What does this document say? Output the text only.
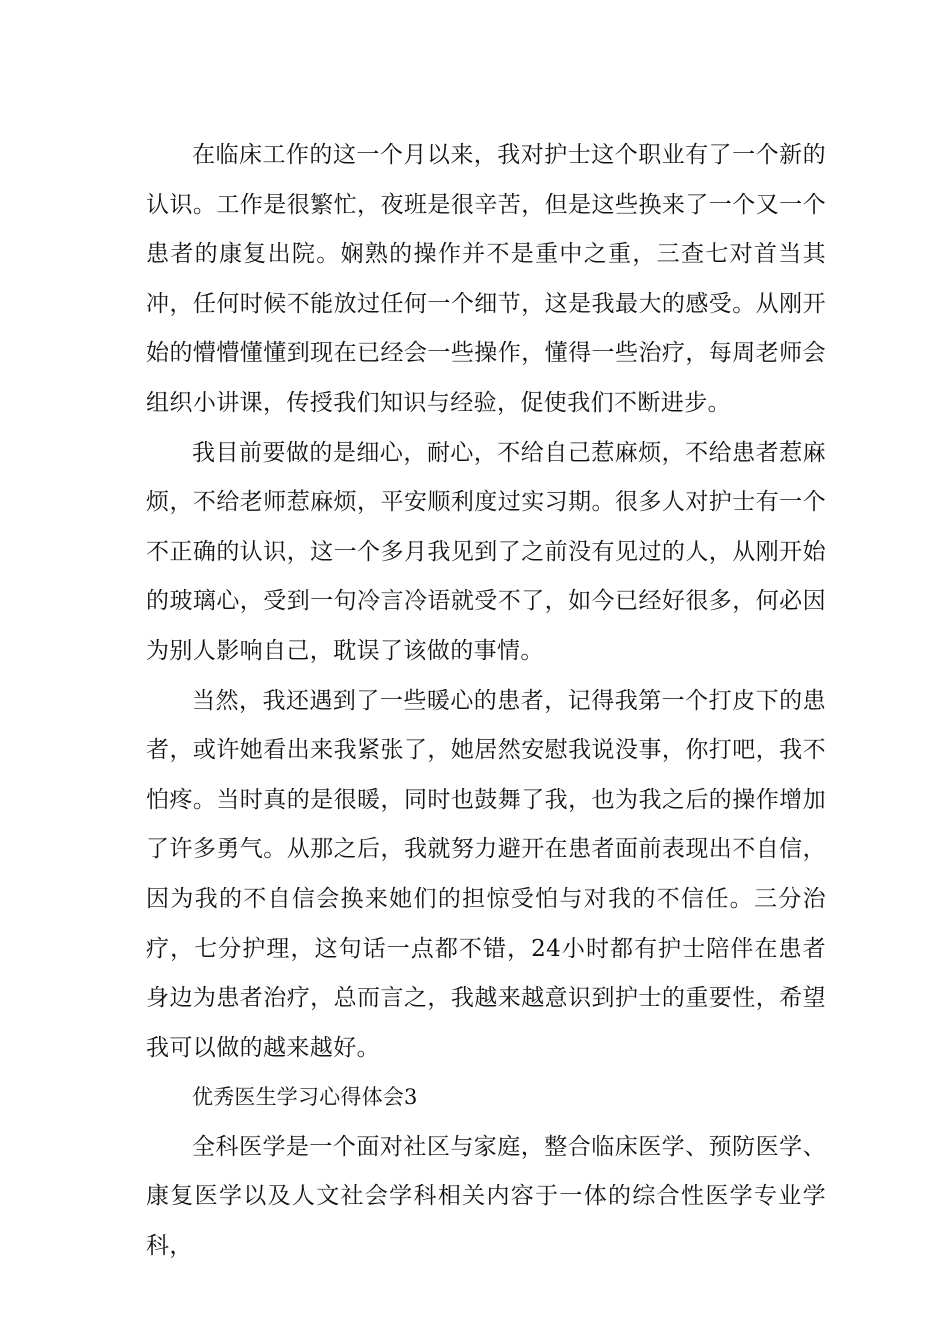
在临床工作的这一个月以来，我对护士这个职业有了一个新的认识。工作是很繁忙，夜班是很辛苦，但是这些换来了一个又一个患者的康复出院。娴熟的操作并不是重中之重，三查七对首当其冲，任何时候不能放过任何一个细节，这是我最大的感受。从刚开始的懵懵懂懂到现在已经会一些操作，懂得一些治疗，每周老师会组织小讲课，传授我们知识与经验，促使我们不断进步。

我目前要做的是细心，耐心，不给自己惹麻烦，不给患者惹麻烦，不给老师惹麻烦，平安顺利度过实习期。很多人对护士有一个不正确的认识，这一个多月我见到了之前没有见过的人，从刚开始的玻璃心，受到一句冷言冷语就受不了，如今已经好很多，何必因为别人影响自己，耽误了该做的事情。

当然，我还遇到了一些暖心的患者，记得我第一个打皮下的患者，或许她看出来我紧张了，她居然安慰我说没事，你打吧，我不怕疼。当时真的是很暖，同时也鼓舞了我，也为我之后的操作增加了许多勇气。从那之后，我就努力避开在患者面前表现出不自信，因为我的不自信会换来她们的担惊受怕与对我的不信任。三分治疗，七分护理，这句话一点都不错，24小时都有护士陪伴在患者身边为患者治疗，总而言之，我越来越意识到护士的重要性，希望我可以做的越来越好。

优秀医生学习心得体会3

全科医学是一个面对社区与家庭，整合临床医学、预防医学、康复医学以及人文社会学科相关内容于一体的综合性医学专业学科，
